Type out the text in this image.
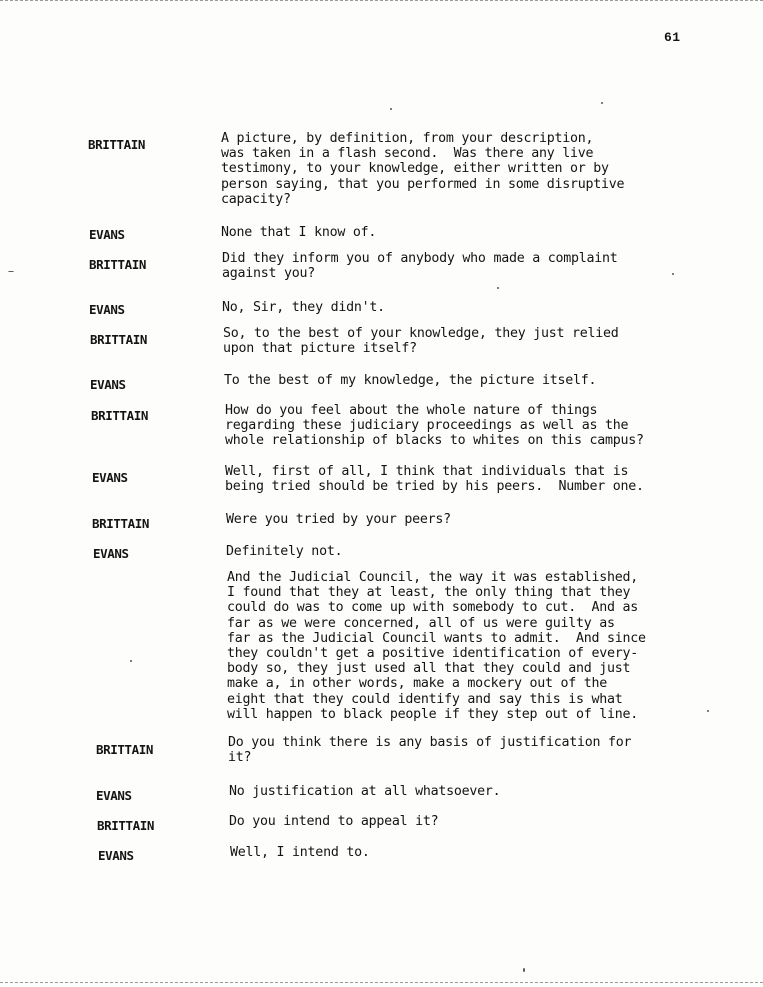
61
BRITTAIN	A picture, by definition, from your description,
was taken in a flash second.  Was there any live
testimony, to your knowledge, either written or by
person saying, that you performed in some disruptive
capacity?
EVANS	None that I know of.
BRITTAIN	Did they inform you of anybody who made a complaint
against you?
EVANS	No, Sir, they didn't.
BRITTAIN	So, to the best of your knowledge, they just relied
upon that picture itself?
EVANS	To the best of my knowledge, the picture itself.
BRITTAIN	How do you feel about the whole nature of things
regarding these judiciary proceedings as well as the
whole relationship of blacks to whites on this campus?
EVANS	Well, first of all, I think that individuals that is
being tried should be tried by his peers.  Number one.
BRITTAIN	Were you tried by your peers?
EVANS	Definitely not.
And the Judicial Council, the way it was established,
I found that they at least, the only thing that they
could do was to come up with somebody to cut.  And as
far as we were concerned, all of us were guilty as
far as the Judicial Council wants to admit.  And since
they couldn't get a positive identification of every-
body so, they just used all that they could and just
make a, in other words, make a mockery out of the
eight that they could identify and say this is what
will happen to black people if they step out of line.
BRITTAIN	Do you think there is any basis of justification for
it?
EVANS	No justification at all whatsoever.
BRITTAIN	Do you intend to appeal it?
EVANS	Well, I intend to.
